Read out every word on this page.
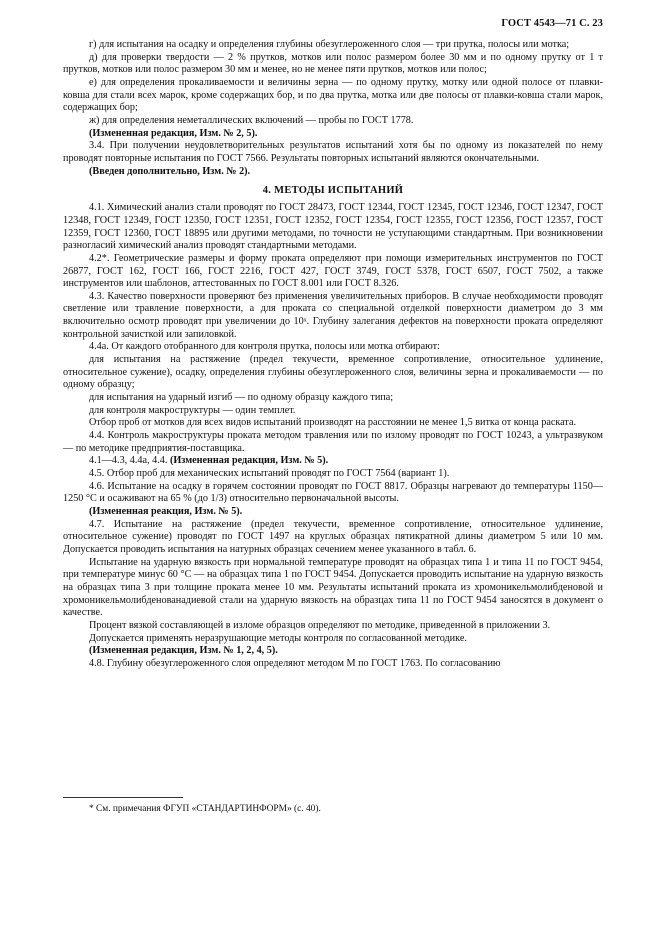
ГОСТ 4543—71 С. 23

г) для испытания на осадку и определения глубины обезуглероженного слоя — три прутка, полосы или мотка;

д) для проверки твердости — 2 % прутков, мотков или полос размером более 30 мм и по одному прутку от 1 т прутков, мотков или полос размером 30 мм и менее, но не менее пяти прутков, мотков или полос;

е) для определения прокаливаемости и величины зерна — по одному прутку, мотку или одной полосе от плавки-ковша для стали всех марок, кроме содержащих бор, и по два прутка, мотка или две полосы от плавки-ковша стали марок, содержащих бор;

ж) для определения неметаллических включений — пробы по ГОСТ 1778.

(Измененная редакция, Изм. № 2, 5).

3.4. При получении неудовлетворительных результатов испытаний хотя бы по одному из показателей по нему проводят повторные испытания по ГОСТ 7566. Результаты повторных испытаний являются окончательными.

(Введен дополнительно, Изм. № 2).

4. МЕТОДЫ ИСПЫТАНИЙ

4.1. Химический анализ стали проводят по ГОСТ 28473, ГОСТ 12344, ГОСТ 12345, ГОСТ 12346, ГОСТ 12347, ГОСТ 12348, ГОСТ 12349, ГОСТ 12350, ГОСТ 12351, ГОСТ 12352, ГОСТ 12354, ГОСТ 12355, ГОСТ 12356, ГОСТ 12357, ГОСТ 12359, ГОСТ 12360, ГОСТ 18895 или другими методами, по точности не уступающими стандартным. При возникновении разногласий химический анализ проводят стандартными методами.

4.2*. Геометрические размеры и форму проката определяют при помощи измерительных инструментов по ГОСТ 26877, ГОСТ 162, ГОСТ 166, ГОСТ 2216, ГОСТ 427, ГОСТ 3749, ГОСТ 5378, ГОСТ 6507, ГОСТ 7502, а также инструментов или шаблонов, аттестованных по ГОСТ 8.001 или ГОСТ 8.326.

4.3. Качество поверхности проверяют без применения увеличительных приборов. В случае необходимости проводят светление или травление поверхности, а для проката со специальной отделкой поверхности диаметром до 3 мм включительно осмотр проводят при увеличении до 10ˣ. Глубину залегания дефектов на поверхности проката определяют контрольной зачисткой или запиловкой.

4.4а. От каждого отобранного для контроля прутка, полосы или мотка отбирают:

для испытания на растяжение (предел текучести, временное сопротивление, относительное удлинение, относительное сужение), осадку, определения глубины обезуглероженного слоя, величины зерна и прокаливаемости — по одному образцу;

для испытания на ударный изгиб — по одному образцу каждого типа;

для контроля макроструктуры — один темплет.

Отбор проб от мотков для всех видов испытаний производят на расстоянии не менее 1,5 витка от конца раската.

4.4. Контроль макроструктуры проката методом травления или по излому проводят по ГОСТ 10243, а ультразвуком — по методике предприятия-поставщика.

4.1—4.3, 4.4а, 4.4. (Измененная редакция, Изм. № 5).

4.5. Отбор проб для механических испытаний проводят по ГОСТ 7564 (вариант 1).

4.6. Испытание на осадку в горячем состоянии проводят по ГОСТ 8817. Образцы нагревают до температуры 1150—1250 °С и осаживают на 65 % (до 1/3) относительно первоначальной высоты.

(Измененная реакция, Изм. № 5).

4.7. Испытание на растяжение (предел текучести, временное сопротивление, относительное удлинение, относительное сужение) проводят по ГОСТ 1497 на круглых образцах пятикратной длины диаметром 5 или 10 мм. Допускается проводить испытания на натурных образцах сечением менее указанного в табл. 6.

Испытание на ударную вязкость при нормальной температуре проводят на образцах типа 1 и типа 11 по ГОСТ 9454, при температуре минус 60 °С — на образцах типа 1 по ГОСТ 9454. Допускается проводить испытание на ударную вязкость на образцах типа 3 при толщине проката менее 10 мм. Результаты испытаний проката из хромоникельмолибденовой и хромоникельмолибденованадиевой стали на ударную вязкость на образцах типа 11 по ГОСТ 9454 заносятся в документ о качестве.

Процент вязкой составляющей в изломе образцов определяют по методике, приведенной в приложении 3.

Допускается применять неразрушающие методы контроля по согласованной методике.

(Измененная редакция, Изм. № 1, 2, 4, 5).

4.8. Глубину обезуглероженного слоя определяют методом М по ГОСТ 1763. По согласованию

* См. примечания ФГУП «СТАНДАРТИНФОРМ» (с. 40).
